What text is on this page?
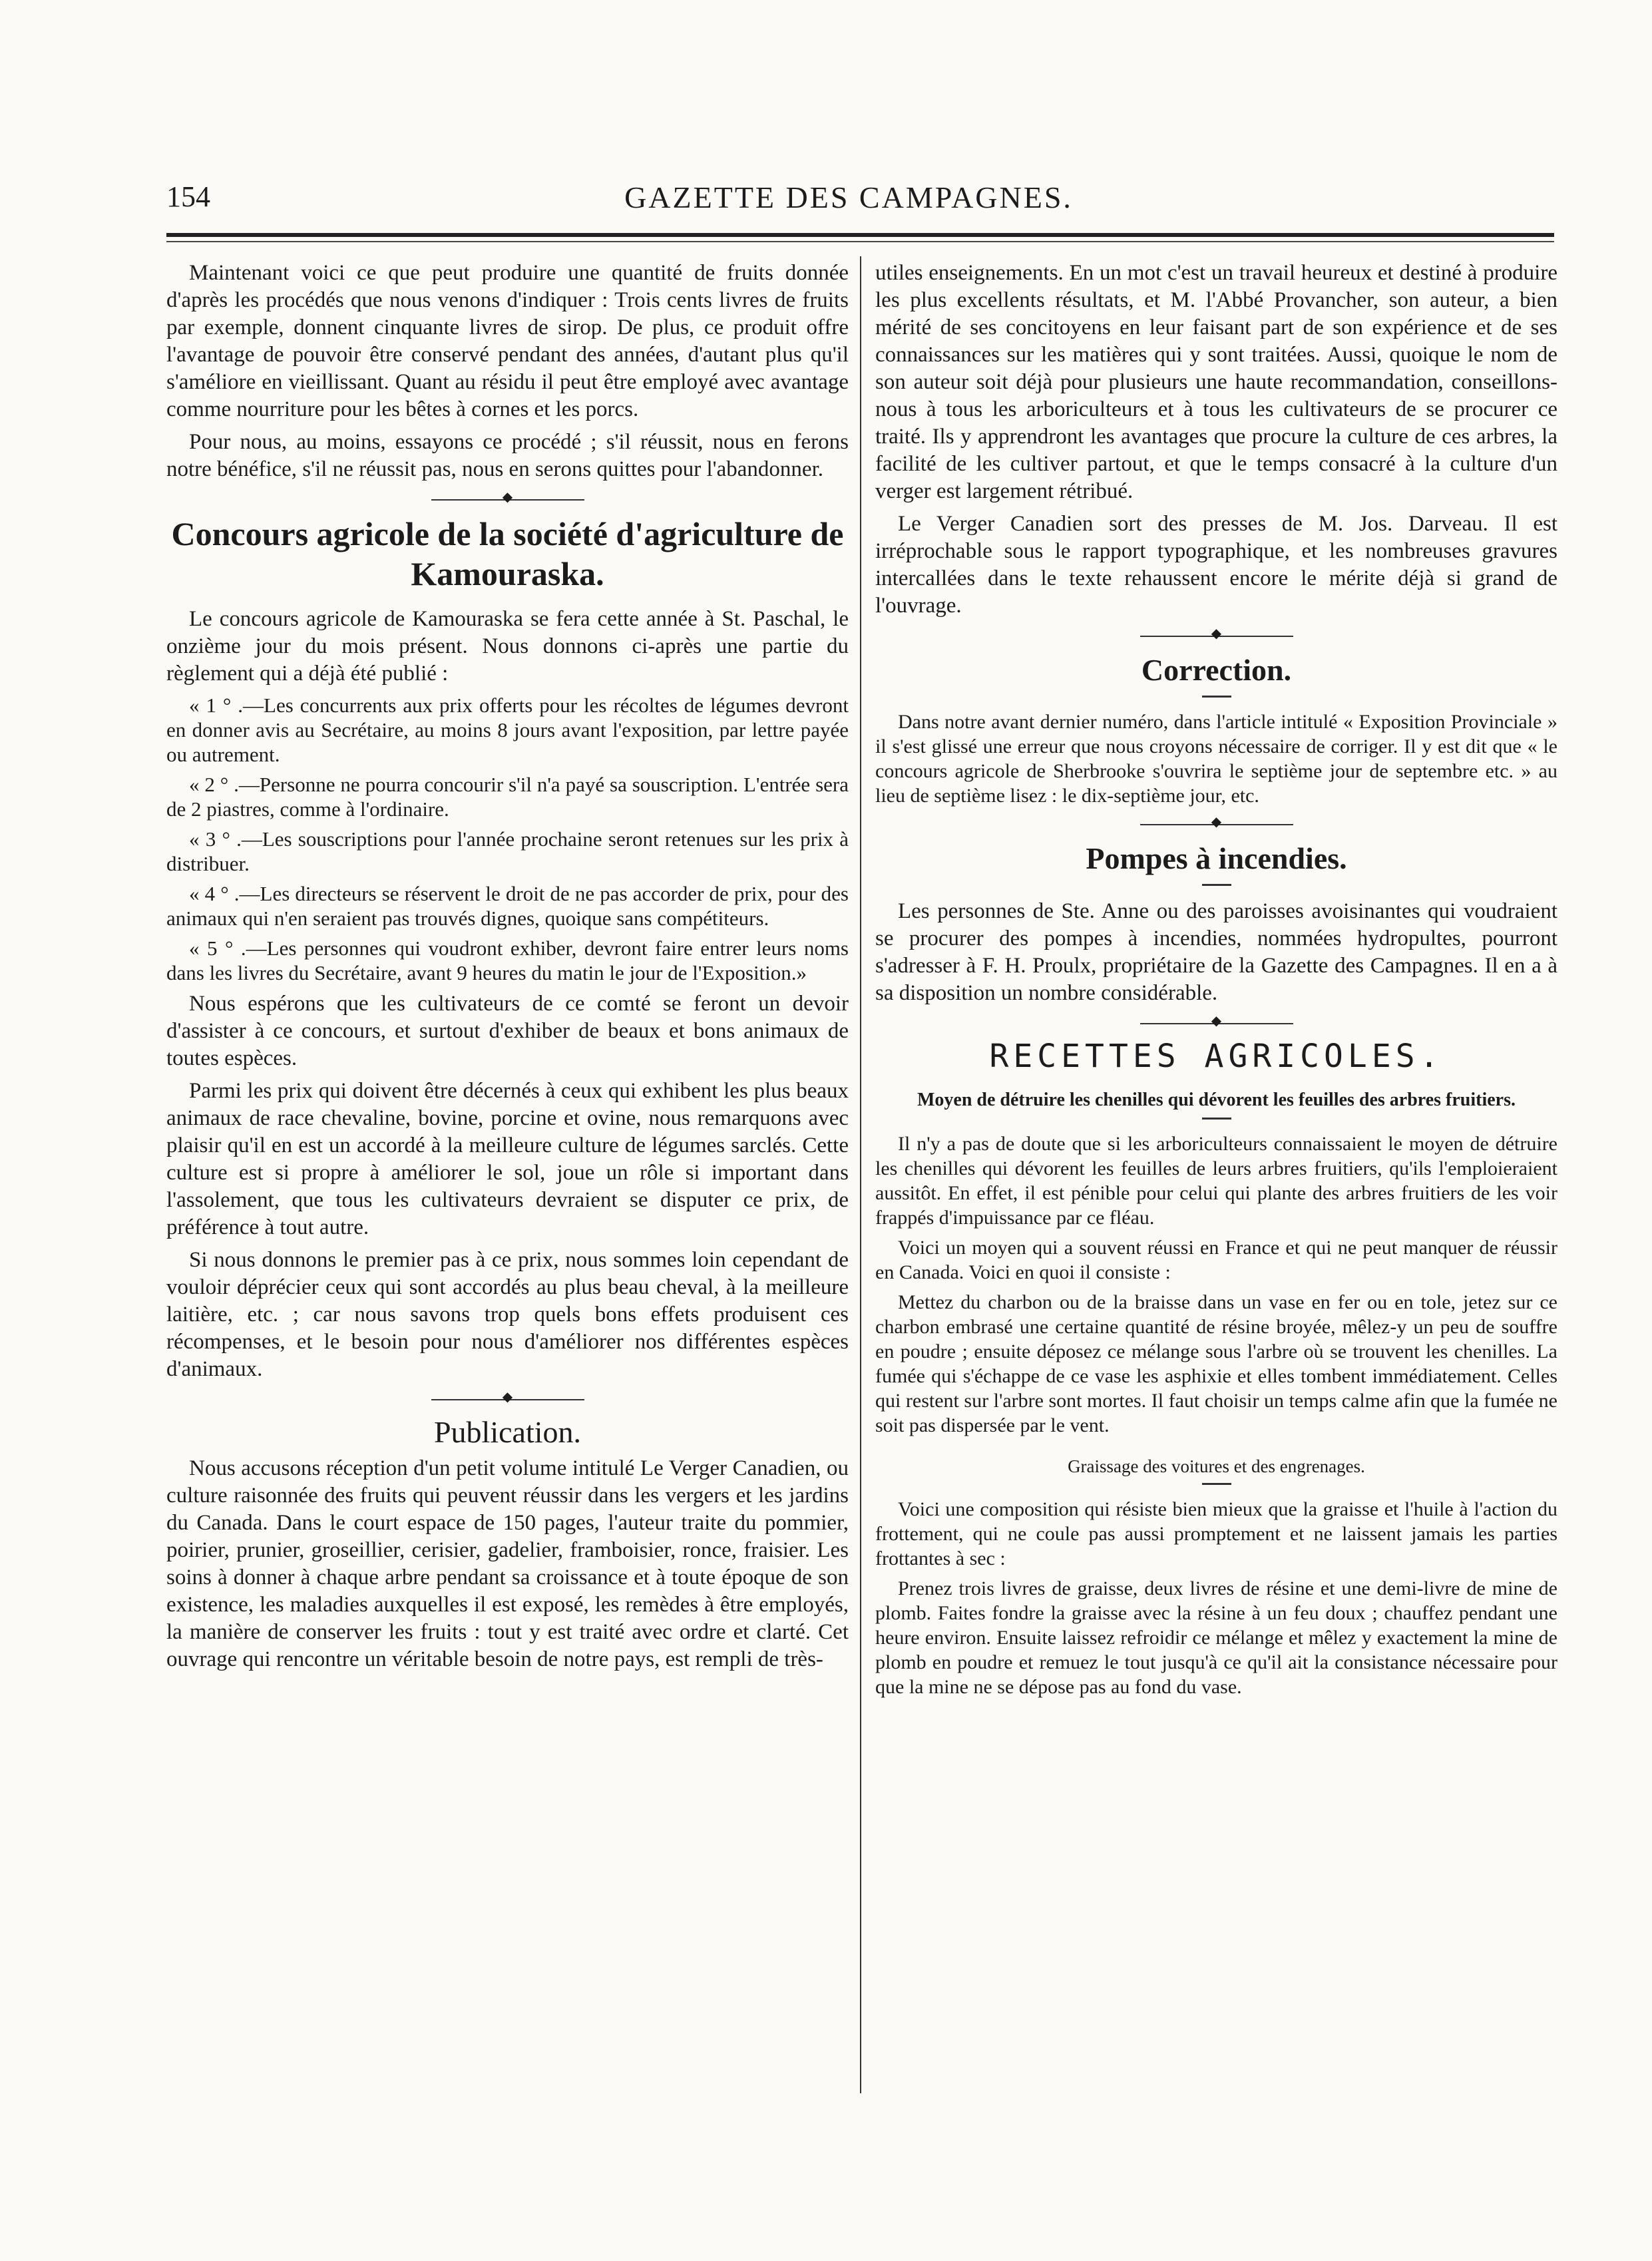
154	GAZETTE DES CAMPAGNES.

Maintenant voici ce que peut produire une quantité de fruits donnée d'après les procédés que nous venons d'indiquer : Trois cents livres de fruits par exemple, donnent cinquante livres de sirop. De plus, ce produit offre l'avantage de pouvoir être conservé pendant des années, d'autant plus qu'il s'améliore en vieillissant. Quant au résidu il peut être employé avec avantage comme nourriture pour les bêtes à cornes et les porcs.

Pour nous, au moins, essayons ce procédé ; s'il réussit, nous en ferons notre bénéfice, s'il ne réussit pas, nous en serons quittes pour l'abandonner.

◆
Concours agricole de la société d'agriculture de Kamouraska.

Le concours agricole de Kamouraska se fera cette année à St. Paschal, le onzième jour du mois présent. Nous donnons ci-après une partie du règlement qui a déjà été publié :

« 1 ° .—Les concurrents aux prix offerts pour les récoltes de légumes devront en donner avis au Secrétaire, au moins 8 jours avant l'exposition, par lettre payée ou autrement.

« 2 ° .—Personne ne pourra concourir s'il n'a payé sa souscription. L'entrée sera de 2 piastres, comme à l'ordinaire.

« 3 ° .—Les souscriptions pour l'année prochaine seront retenues sur les prix à distribuer.

« 4 ° .—Les directeurs se réservent le droit de ne pas accorder de prix, pour des animaux qui n'en seraient pas trouvés dignes, quoique sans compétiteurs.

« 5 ° .—Les personnes qui voudront exhiber, devront faire entrer leurs noms dans les livres du Secrétaire, avant 9 heures du matin le jour de l'Exposition.»

Nous espérons que les cultivateurs de ce comté se feront un devoir d'assister à ce concours, et surtout d'exhiber de beaux et bons animaux de toutes espèces.

Parmi les prix qui doivent être décernés à ceux qui exhibent les plus beaux animaux de race chevaline, bovine, porcine et ovine, nous remarquons avec plaisir qu'il en est un accordé à la meilleure culture de légumes sarclés. Cette culture est si propre à améliorer le sol, joue un rôle si important dans l'assolement, que tous les cultivateurs devraient se disputer ce prix, de préférence à tout autre.

Si nous donnons le premier pas à ce prix, nous sommes loin cependant de vouloir déprécier ceux qui sont accordés au plus beau cheval, à la meilleure laitière, etc. ; car nous savons trop quels bons effets produisent ces récompenses, et le besoin pour nous d'améliorer nos différentes espèces d'animaux.

◆
Publication.

Nous accusons réception d'un petit volume intitulé Le Verger Canadien, ou culture raisonnée des fruits qui peuvent réussir dans les vergers et les jardins du Canada. Dans le court espace de 150 pages, l'auteur traite du pommier, poirier, prunier, groseillier, cerisier, gadelier, framboisier, ronce, fraisier. Les soins à donner à chaque arbre pendant sa croissance et à toute époque de son existence, les maladies auxquelles il est exposé, les remèdes à être employés, la manière de conserver les fruits : tout y est traité avec ordre et clarté. Cet ouvrage qui rencontre un véritable besoin de notre pays, est rempli de très-

utiles enseignements. En un mot c'est un travail heureux et destiné à produire les plus excellents résultats, et M. l'Abbé Provancher, son auteur, a bien mérité de ses concitoyens en leur faisant part de son expérience et de ses connaissances sur les matières qui y sont traitées. Aussi, quoique le nom de son auteur soit déjà pour plusieurs une haute recommandation, conseillons-nous à tous les arboriculteurs et à tous les cultivateurs de se procurer ce traité. Ils y apprendront les avantages que procure la culture de ces arbres, la facilité de les cultiver partout, et que le temps consacré à la culture d'un verger est largement rétribué.

Le Verger Canadien sort des presses de M. Jos. Darveau. Il est irréprochable sous le rapport typographique, et les nombreuses gravures intercallées dans le texte rehaussent encore le mérite déjà si grand de l'ouvrage.

◆
Correction.

Dans notre avant dernier numéro, dans l'article intitulé « Exposition Provinciale » il s'est glissé une erreur que nous croyons nécessaire de corriger. Il y est dit que « le concours agricole de Sherbrooke s'ouvrira le septième jour de septembre etc. » au lieu de septième lisez : le dix-septième jour, etc.

◆
Pompes à incendies.

Les personnes de Ste. Anne ou des paroisses avoisinantes qui voudraient se procurer des pompes à incendies, nommées hydropultes, pourront s'adresser à F. H. Proulx, propriétaire de la Gazette des Campagnes. Il en a à sa disposition un nombre considérable.

◆
RECETTES AGRICOLES.
Moyen de détruire les chenilles qui dévorent les feuilles des arbres fruitiers.

Il n'y a pas de doute que si les arboriculteurs connaissaient le moyen de détruire les chenilles qui dévorent les feuilles de leurs arbres fruitiers, qu'ils l'emploieraient aussitôt. En effet, il est pénible pour celui qui plante des arbres fruitiers de les voir frappés d'impuissance par ce fléau.

Voici un moyen qui a souvent réussi en France et qui ne peut manquer de réussir en Canada. Voici en quoi il consiste :

Mettez du charbon ou de la braisse dans un vase en fer ou en tole, jetez sur ce charbon embrasé une certaine quantité de résine broyée, mêlez-y un peu de souffre en poudre ; ensuite déposez ce mélange sous l'arbre où se trouvent les chenilles. La fumée qui s'échappe de ce vase les asphixie et elles tombent immédiatement. Celles qui restent sur l'arbre sont mortes. Il faut choisir un temps calme afin que la fumée ne soit pas dispersée par le vent.

Graissage des voitures et des engrenages.

Voici une composition qui résiste bien mieux que la graisse et l'huile à l'action du frottement, qui ne coule pas aussi promptement et ne laissent jamais les parties frottantes à sec :

Prenez trois livres de graisse, deux livres de résine et une demi-livre de mine de plomb. Faites fondre la graisse avec la résine à un feu doux ; chauffez pendant une heure environ. Ensuite laissez refroidir ce mélange et mêlez y exactement la mine de plomb en poudre et remuez le tout jusqu'à ce qu'il ait la consistance nécessaire pour que la mine ne se dépose pas au fond du vase.
